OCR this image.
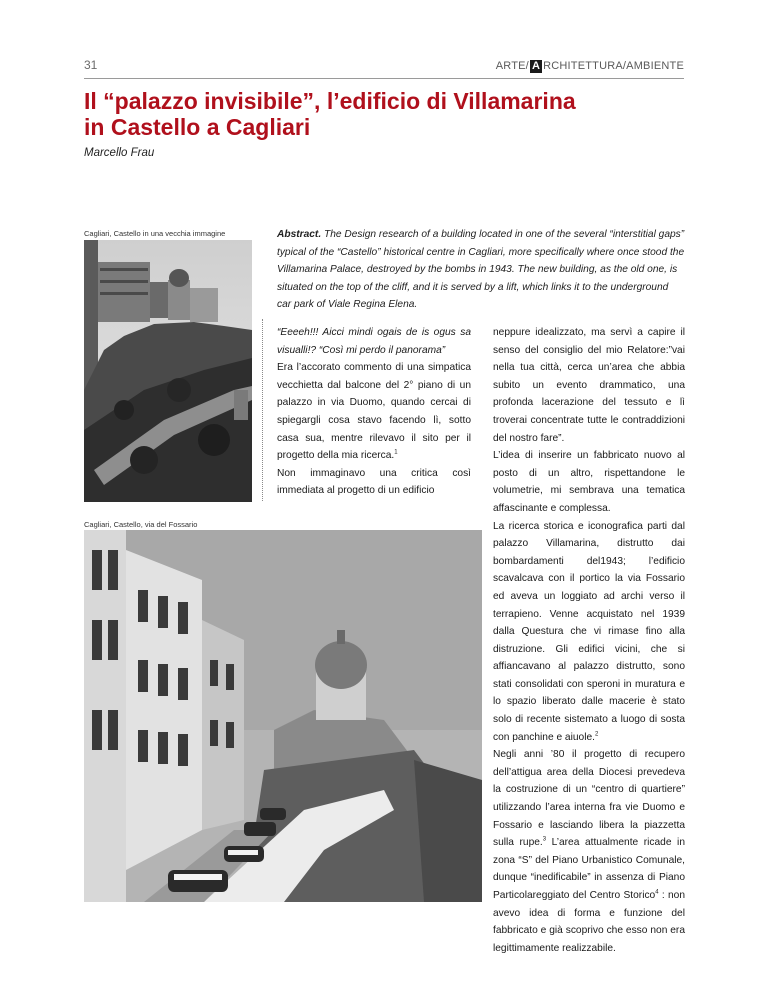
31	ARTE/ A RCHITETTURA/AMBIENTE
Il “palazzo invisibile”, l’edificio di Villamarina
in Castello a Cagliari
Marcello Frau
Cagliari, Castello in una vecchia immagine
Cagliari, Castello, via del Fossario

Abstract. The Design research of a building located in one of the several “interstitial gaps” typical of the “Castello” historical centre in Cagliari, more specifically where once stood the Villamarina Palace, destroyed by the bombs in 1943. The new building, as the old one, is situated on the top of the cliff, and it is served by a lift, which links it to the underground car park of Viale Regina Elena.

“Eeeeh!!! Aicci mindi ogais de is ogus sa visualli!? “Così mi perdo il panorama”

Era l’accorato commento di una simpatica vecchietta dal balcone del 2° piano di un palazzo in via Duomo, quando cercai di spiegargli cosa stavo facendo lì, sotto casa sua, mentre rilevavo il sito per il progetto della mia ricerca.$^1$

Non immaginavo una critica così immediata al progetto di un edificio

neppure idealizzato, ma servì a capire il senso del consiglio del mio Relatore:”vai nella tua città, cerca un’area che abbia subito un evento drammatico, una profonda lacerazione del tessuto e lì troverai concentrate tutte le contraddizioni del nostro fare”.

L’idea di inserire un fabbricato nuovo al posto di un altro, rispettandone le volumetrie, mi sembrava una tematica affascinante e complessa.

La ricerca storica e iconografica parti dal palazzo Villamarina, distrutto dai bombardamenti del1943; l’edificio scavalcava con il portico la via Fossario ed aveva un loggiato ad archi verso il terrapieno. Venne acquistato nel 1939 dalla Questura che vi rimase fino alla distruzione. Gli edifici vicini, che si affiancavano al palazzo distrutto, sono stati consolidati con speroni in muratura e lo spazio liberato dalle macerie è stato solo di recente sistemato a luogo di sosta con panchine e aiuole.$^2$

Negli anni ’80 il progetto di recupero dell’attigua area della Diocesi prevedeva la costruzione di un “centro di quartiere” utilizzando l’area interna fra vie Duomo e Fossario e lasciando libera la piazzetta sulla rupe.$^3$ L’area attualmente ricade in zona “S” del Piano Urbanistico Comunale, dunque “inedificabile” in assenza di Piano Particolareggiato del Centro Storico$^4$ : non avevo idea di forma e funzione del fabbricato e già scoprivo che esso non era legittimamente realizzabile.
